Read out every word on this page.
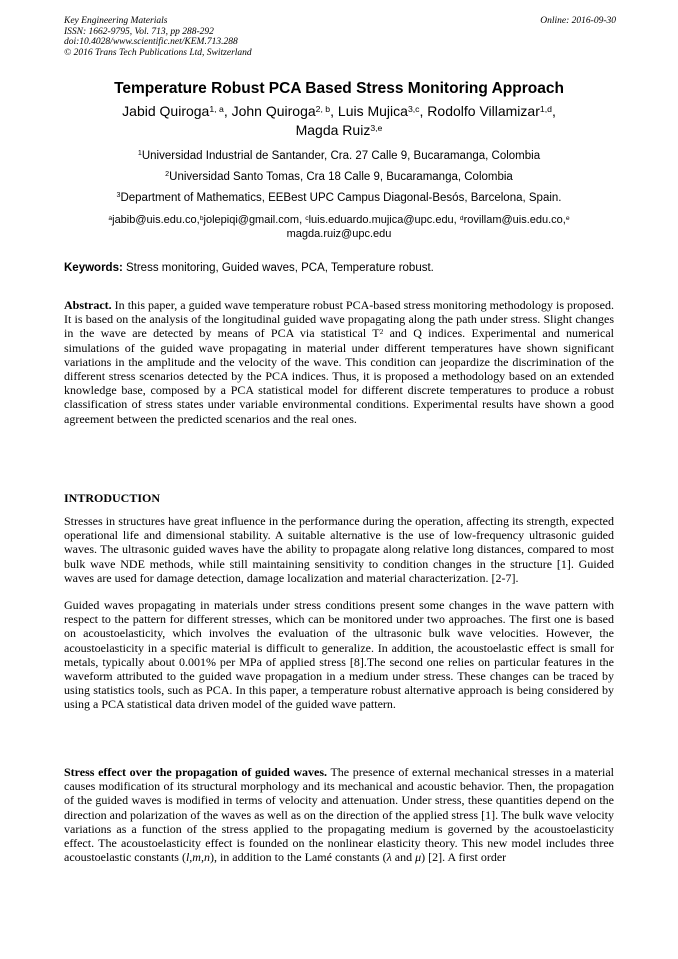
Key Engineering Materials
ISSN: 1662-9795, Vol. 713, pp 288-292
doi:10.4028/www.scientific.net/KEM.713.288
© 2016 Trans Tech Publications Ltd, Switzerland
Online: 2016-09-30
Temperature Robust PCA Based Stress Monitoring Approach
Jabid Quiroga$^{1, a}$, John Quiroga$^{2, b}$, Luis Mujica$^{3,c}$, Rodolfo Villamizar$^{1,d}$,
Magda Ruiz$^{3,e}$
$^1$Universidad Industrial de Santander, Cra. 27 Calle 9, Bucaramanga, Colombia
$^2$Universidad Santo Tomas, Cra 18 Calle 9, Bucaramanga, Colombia
$^3$Department of Mathematics, EEBest UPC Campus Diagonal-Besós, Barcelona, Spain.
$^a$jabib@uis.edu.co,$^b$jolepiqi@gmail.com, $^c$luis.eduardo.mujica@upc.edu, $^d$rovillam@uis.edu.co,$^e$
magda.ruiz@upc.edu
Keywords: Stress monitoring, Guided waves, PCA, Temperature robust.
Abstract. In this paper, a guided wave temperature robust PCA-based stress monitoring methodology is proposed. It is based on the analysis of the longitudinal guided wave propagating along the path under stress. Slight changes in the wave are detected by means of PCA via statistical $T^2$ and Q indices. Experimental and numerical simulations of the guided wave propagating in material under different temperatures have shown significant variations in the amplitude and the velocity of the wave. This condition can jeopardize the discrimination of the different stress scenarios detected by the PCA indices. Thus, it is proposed a methodology based on an extended knowledge base, composed by a PCA statistical model for different discrete temperatures to produce a robust classification of stress states under variable environmental conditions. Experimental results have shown a good agreement between the predicted scenarios and the real ones.
INTRODUCTION
Stresses in structures have great influence in the performance during the operation, affecting its strength, expected operational life and dimensional stability. A suitable alternative is the use of low-frequency ultrasonic guided waves. The ultrasonic guided waves have the ability to propagate along relative long distances, compared to most bulk wave NDE methods, while still maintaining sensitivity to condition changes in the structure [1]. Guided waves are used for damage detection, damage localization and material characterization. [2-7].
Guided waves propagating in materials under stress conditions present some changes in the wave pattern with respect to the pattern for different stresses, which can be monitored under two approaches. The first one is based on acoustoelasticity, which involves the evaluation of the ultrasonic bulk wave velocities. However, the acoustoelasticity in a specific material is difficult to generalize. In addition, the acoustoelastic effect is small for metals, typically about 0.001% per MPa of applied stress [8].The second one relies on particular features in the waveform attributed to the guided wave propagation in a medium under stress. These changes can be traced by using statistics tools, such as PCA. In this paper, a temperature robust alternative approach is being considered by using a PCA statistical data driven model of the guided wave pattern.
Stress effect over the propagation of guided waves. The presence of external mechanical stresses in a material causes modification of its structural morphology and its mechanical and acoustic behavior. Then, the propagation of the guided waves is modified in terms of velocity and attenuation. Under stress, these quantities depend on the direction and polarization of the waves as well as on the direction of the applied stress [1]. The bulk wave velocity variations as a function of the stress applied to the propagating medium is governed by the acoustoelasticity effect. The acoustoelasticity effect is founded on the nonlinear elasticity theory. This new model includes three acoustoelastic constants (l,m,n), in addition to the Lamé constants (λ and μ) [2]. A first order
